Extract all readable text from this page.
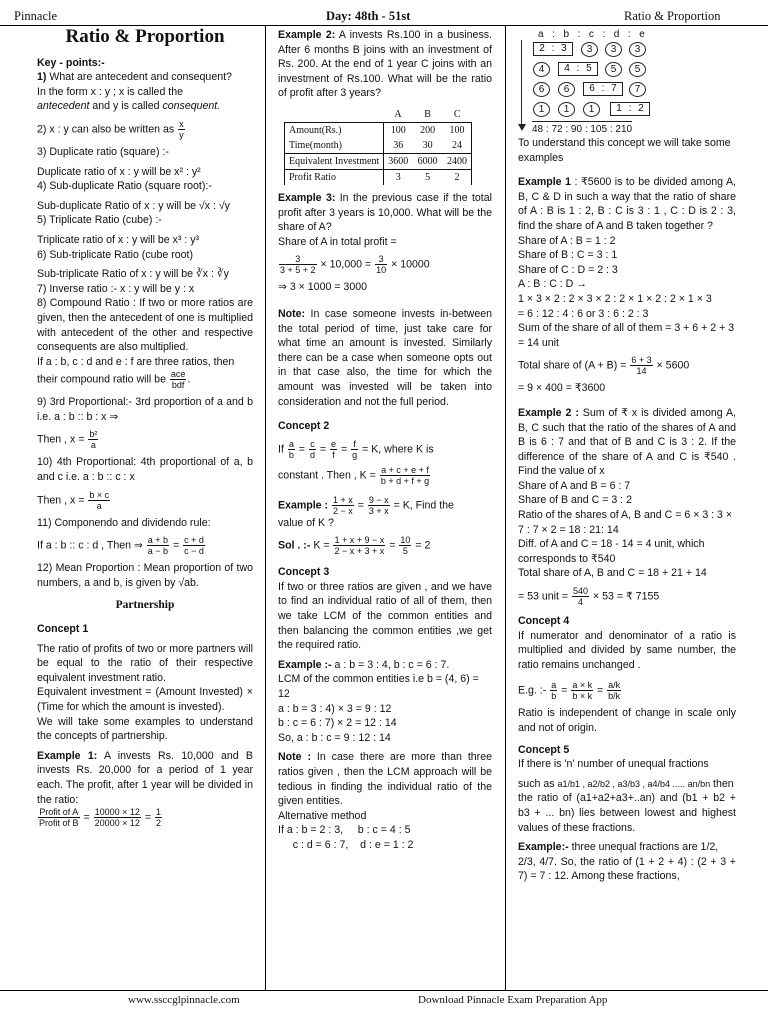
Pinnacle	Day: 48th - 51st	Ratio & Proportion
Ratio & Proportion

Key - points:-

1) What are antecedent and consequent?

In the form x : y ; x is called the

antecedent and y is called consequent.

2) x : y can also be written as $\frac{x}{y}$

3) Duplicate ratio (square) :-

Duplicate ratio of x : y will be x² : y²

4) Sub-duplicate Ratio (square root):-

Sub-duplicate Ratio of x : y will be √x : √y

5) Triplicate Ratio (cube) :-

Triplicate ratio of x : y will be x³ : y³

6) Sub-triplicate Ratio (cube root)

Sub-triplicate Ratio of x : y will be ∛x : ∛y

7) Inverse ratio :- x : y will be y : x

8) Compound Ratio : If two or more ratios are given, then the antecedent of one is multiplied with antecedent of the other and respective consequents are also multiplied.

If a : b, c : d and e : f are three ratios, then

their compound ratio will be ace
bdf .

9) 3rd Proportional:- 3rd proportion of a and b i.e. a : b :: b : x ⇒

Then , $x = \frac{\text{b²}}{a}$

10) 4th Proportional: 4th proportional of a, b and c i.e. a : b :: c : x

Then , $x = \frac{b \times c}{a}$

11) Componendo and dividendo rule:

If a : b :: c : d , Then ⇒ $\frac{a + b}{a - b} = \frac{c + d}{c - d}$

12) Mean Proportion : Mean proportion of two numbers, a and b, is given by √ab.

Partnership

Concept 1

The ratio of profits of two or more partners will be equal to the ratio of their respective equivalent investment ratio.

Equivalent investment = (Amount Invested) × (Time for which the amount is invested).

We will take some examples to understand the concepts of partnership.

Example 1: A invests Rs. 10,000 and B invests Rs. 20,000 for a period of 1 year each. The profit, after 1 year will be divided in the ratio:

Profit of A
Profit of $B = \frac{10000 \times 12}{20000 \times 12} = \frac{1}{2}$

Example 2: A invests Rs.100 in a business. After 6 months B joins with an investment of Rs. 200. At the end of 1 year C joins with an investment of Rs.100. What will be the ratio of profit after 3 years?

	A	B	C
Amount(Rs.)	100	200	100
Time(month)	36	30	24
Equivalent Investment	3600	6000	2400
Profit Ratio	3	5	2

Example 3: In the previous case if the total profit after 3 years is 10,000. What will be the share of A?

Share of A in total profit =

$\frac{3}{3 + 5 + 2} \times 10,000 = \frac{3}{10} \times 10000$

⇒ 3 × 1000 = 3000

Note: In case someone invests in-between the total period of time, just take care for what time an amount is invested. Similarly there can be a case when someone opts out in that case also, the time for which the amount was invested will be taken into consideration and not the full period.

Concept 2

If $\frac{a}{b} = \frac{c}{d} = \frac{e}{f} = \frac{f}{g} = K$, where K is

constant . Then , $K = \frac{a + c + e + f}{b + d + f + g}$

Example : $\frac{1 + x}{2 - x} = \frac{9 - x}{3 + x} = K$, Find the

value of K ?

Sol . :- $K = \frac{1 + x + 9 - x}{2 - x + 3 + x} = \frac{10}{5} = 2$

Concept 3

If two or three ratios are given , and we have to find an individual ratio of all of them, then we take LCM of the common entities and then balancing the common entities ,we get the required ratio.

Example :- a : b = 3 : 4, b : c = 6 : 7.

LCM of the common entities i.e b = (4, 6) = 12

a : b = 3 : 4) × 3 = 9 : 12

b : c = 6 : 7) × 2 = 12 : 14

So, a : b : c = 9 : 12 : 14

Note : In case there are more than three ratios given , then the LCM approach will be tedious in finding the individual ratio of the given entities.

Alternative method

If a : b = 2 : 3,     b : c = 4 : 5

c : d = 6 : 7,    d : e = 1 : 2

a  :  b  :  c  :  d  :  e
2 : 3	3	3	3
4	4 : 5	5	5
6	6	6 : 7	7
1	1	1	1 : 2
48 : 72 : 90 : 105 : 210

To understand this concept we will take some examples

Example 1 : ₹5600 is to be divided among A, B, C & D in such a way that the ratio of share of A : B is 1 : 2, B : C is 3 : 1 , C : D is 2 : 3, find the share of A and B taken together ?

Share of A : B = 1 : 2

Share of B : C = 3 : 1

Share of C : D = 2 : 3

A : B : C : D →

1 × 3 × 2 : 2 × 3 × 2 : 2 × 1 × 2 : 2 × 1 × 3

= 6 : 12 : 4 : 6 or 3 : 6 : 2 : 3

Sum of the share of all of them = 3 + 6 + 2 + 3 = 14 unit

Total share of $(A + B) = \frac{6 + 3}{14} \times 5600$

= 9 × 400 = ₹3600

Example 2 : Sum of ₹ x is divided among A, B, C such that the ratio of the shares of A and B is 6 : 7 and that of B and C is 3 : 2. If the difference of the share of A and C is ₹540 . Find the value of x

Share of A and B = 6 : 7

Share of B and C = 3 : 2

Ratio of the shares of A, B and C = 6 × 3 : 3 × 7 : 7 × 2 = 18 : 21: 14

Diff. of A and C = 18 - 14 = 4 unit, which corresponds to ₹540

Total share of A, B and C = 18 + 21 + 14

= 53 unit = $\frac{540}{4} \times 53$ = ₹ 7155

Concept 4

If numerator and denominator of a ratio is multiplied and divided by same number, the ratio remains unchanged .

E.g. :- $\frac{a}{b} = \frac{a \times k}{b \times k} = \frac{a/k}{b/k}$

Ratio is independent of change in scale only and not of origin.

Concept 5

If there is 'n' number of unequal fractions

such as a1/b1 , a2/b2 , a3/b3 , a4/b4 ..... an/bn then

the ratio of (a1+a2+a3+..an) and (b1 + b2 + b3 + ... bn) lies between lowest and highest values of these fractions.

Example:- three unequal fractions are 1/2,

2/3, 4/7. So, the ratio of (1 + 2 + 4) : (2 + 3 + 7) = 7 : 12. Among these fractions,

www.ssccglpinnacle.com	Download Pinnacle Exam Preparation App
